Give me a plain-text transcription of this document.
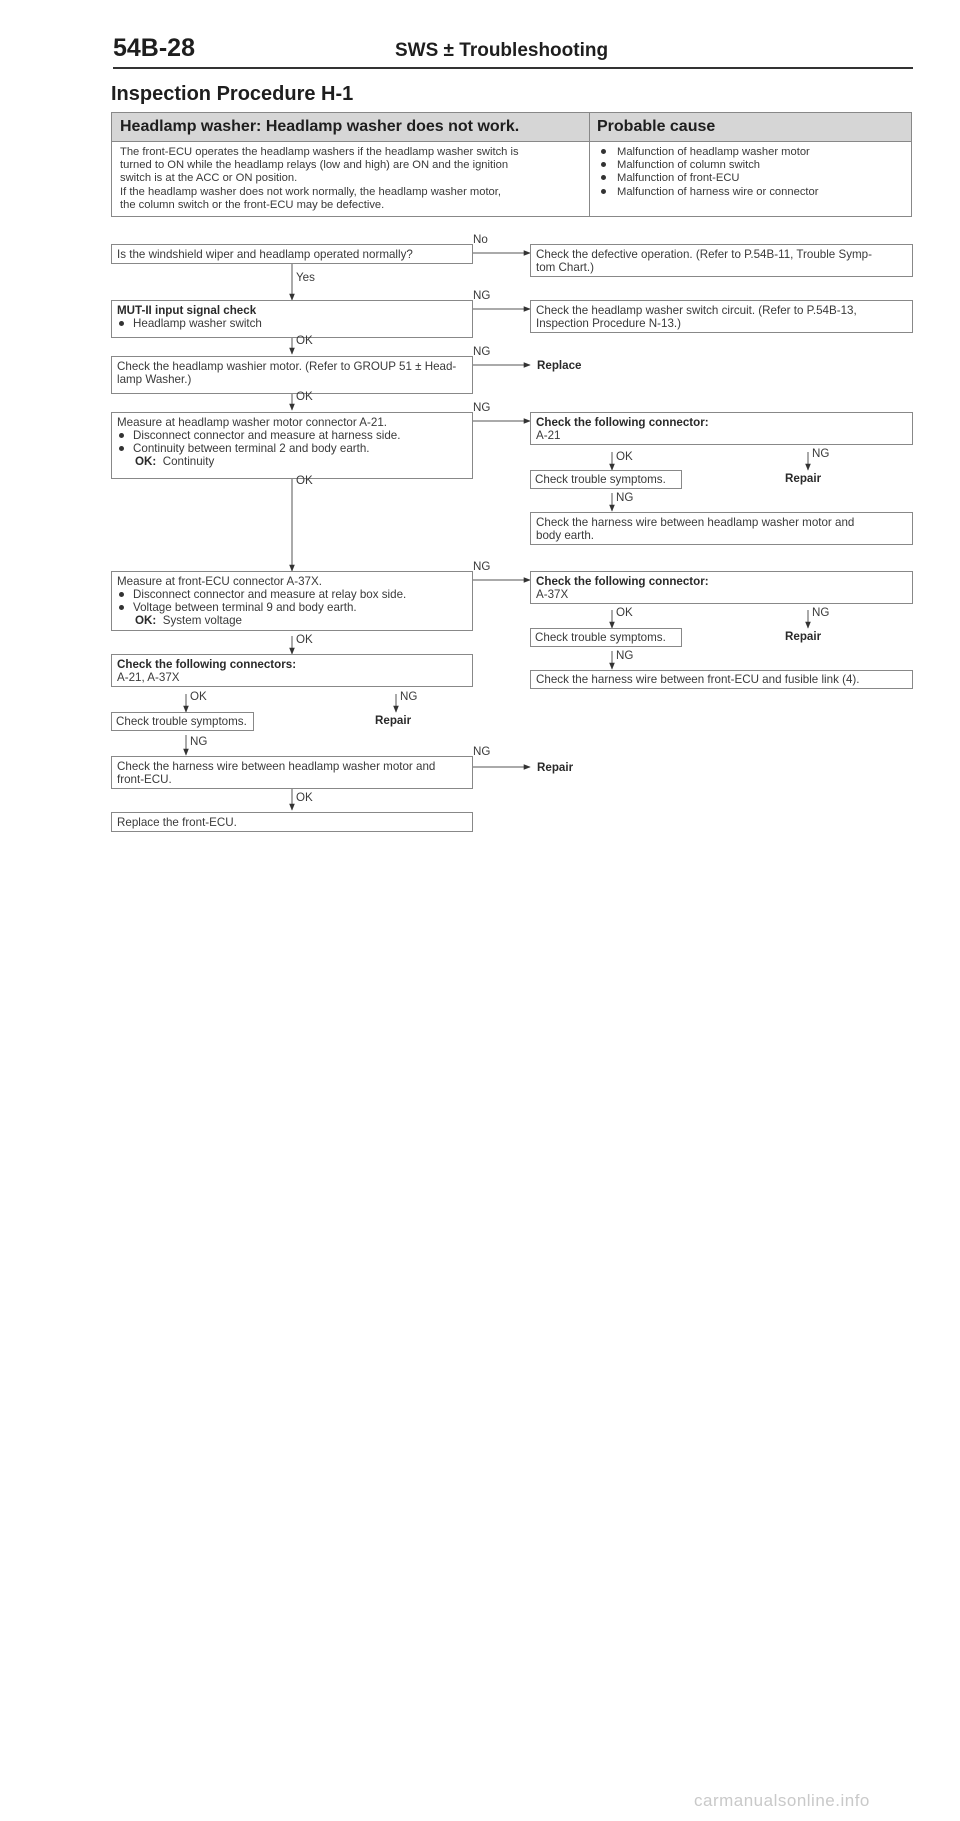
54B-28	SWS ± Troubleshooting
Inspection Procedure H-1
Headlamp washer: Headlamp washer does not work.	Probable cause
The front-ECU operates the headlamp washers if the headlamp washer switch is
turned to ON while the headlamp relays (low and high) are ON and the ignition
switch is at the ACC or ON position.
If the headlamp washer does not work normally, the headlamp washer motor,
the column switch or the front-ECU may be defective.
Malfunction of headlamp washer motor
Malfunction of column switch
Malfunction of front-ECU
Malfunction of harness wire or connector
Is the windshield wiper and headlamp operated normally?
No
Check the defective operation. (Refer to P.54B-11, Trouble Symp-
tom Chart.)
Yes
MUT-II input signal check
Headlamp washer switch
NG
Check the headlamp washer switch circuit. (Refer to P.54B-13,
Inspection Procedure N-13.)
OK
Check the headlamp washier motor. (Refer to GROUP 51 ± Head-
lamp Washer.)
NG
Replace
OK
Measure at headlamp washer motor connector A-21.
Disconnect connector and measure at harness side.
Continuity between terminal 2 and body earth.
OK: Continuity
NG
Check the following connector:
A-21
OK	NG
Check trouble symptoms.	Repair
NG
Check the harness wire between headlamp washer motor and
body earth.
OK
Measure at front-ECU connector A-37X.
Disconnect connector and measure at relay box side.
Voltage between terminal 9 and body earth.
OK: System voltage
NG
Check the following connector:
A-37X
OK	NG
Check trouble symptoms.	Repair
NG
Check the harness wire between front-ECU and fusible link (4).
OK
Check the following connectors:
A-21, A-37X
OK	NG
Check trouble symptoms.	Repair
NG
Check the harness wire between headlamp washer motor and
front-ECU.
NG
Repair
OK
Replace the front-ECU.
carmanualsonline.info
